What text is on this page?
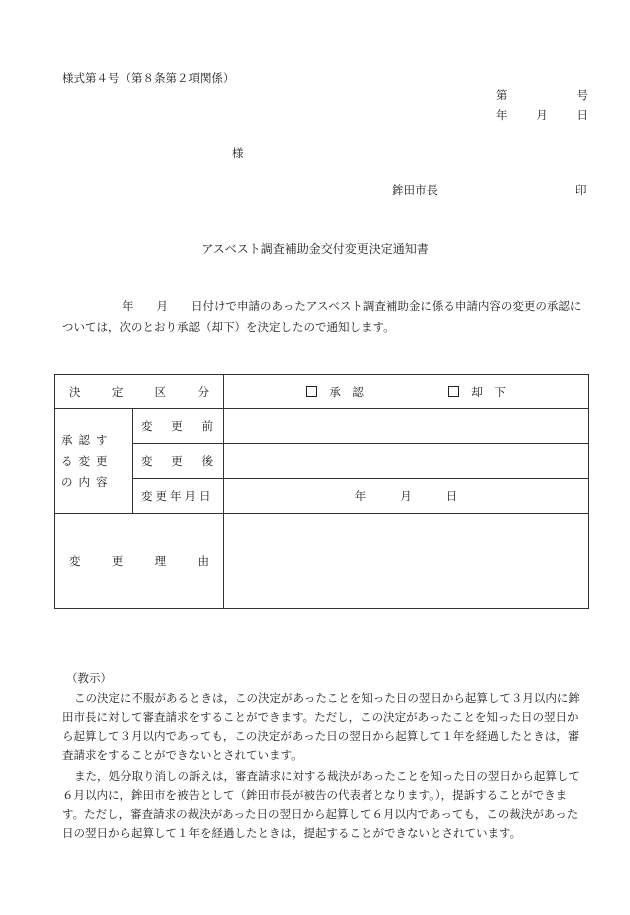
様式第４号（第８条第２項関係）
第	号
年	月	日
様
鉾田市長	印
アスベスト調査補助金交付変更決定通知書
年　　月　　日付けで申請のあったアスベスト調査補助金に係る申請内容の変更の承認については，次のとおり承認（却下）を決定したので通知します。
決 定 区 分		承　認 却　下

承認する変更の内容	変 更 前	

	変 更 後	

	変更年月日	年 月 日

変 更 理 由		

（教示）
この決定に不服があるときは，この決定があったことを知った日の翌日から起算して３月以内に鉾田市長に対して審査請求をすることができます。ただし，この決定があったことを知った日の翌日から起算して３月以内であっても，この決定があった日の翌日から起算して１年を経過したときは，審査請求をすることができないとされています。
また，処分取り消しの訴えは，審査請求に対する裁決があったことを知った日の翌日から起算して６月以内に，鉾田市を被告として（鉾田市長が被告の代表者となります。），提訴することができます。ただし，審査請求の裁決があった日の翌日から起算して６月以内であっても，この裁決があった日の翌日から起算して１年を経過したときは，提起することができないとされています。
